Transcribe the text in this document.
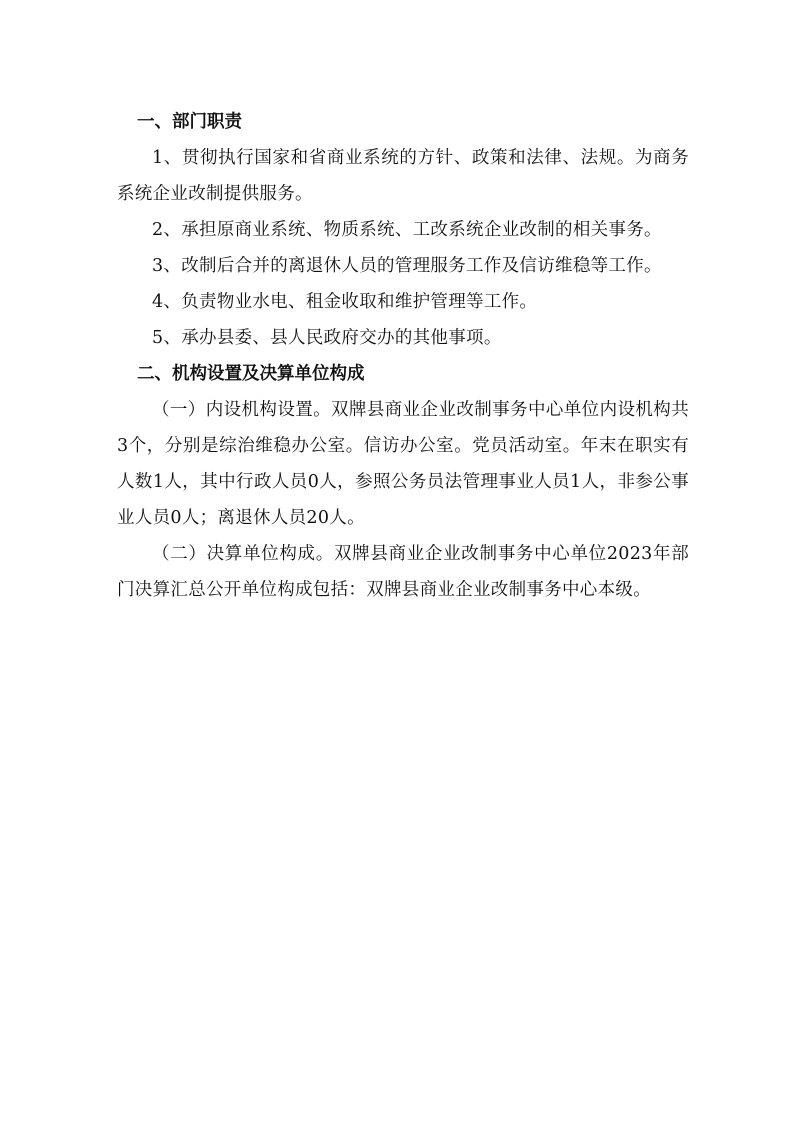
一、部门职责

1、贯彻执行国家和省商业系统的方针、政策和法律、法规。为商务系统企业改制提供服务。

2、承担原商业系统、物质系统、工改系统企业改制的相关事务。

3、改制后合并的离退休人员的管理服务工作及信访维稳等工作。

4、负责物业水电、租金收取和维护管理等工作。

5、承办县委、县人民政府交办的其他事项。

二、机构设置及决算单位构成

（一）内设机构设置。双牌县商业企业改制事务中心单位内设机构共3个，分别是综治维稳办公室。信访办公室。党员活动室。年末在职实有人数1人，其中行政人员0人，参照公务员法管理事业人员1人，非参公事业人员0人；离退休人员20人。

（二）决算单位构成。双牌县商业企业改制事务中心单位2023年部门决算汇总公开单位构成包括：双牌县商业企业改制事务中心本级。
